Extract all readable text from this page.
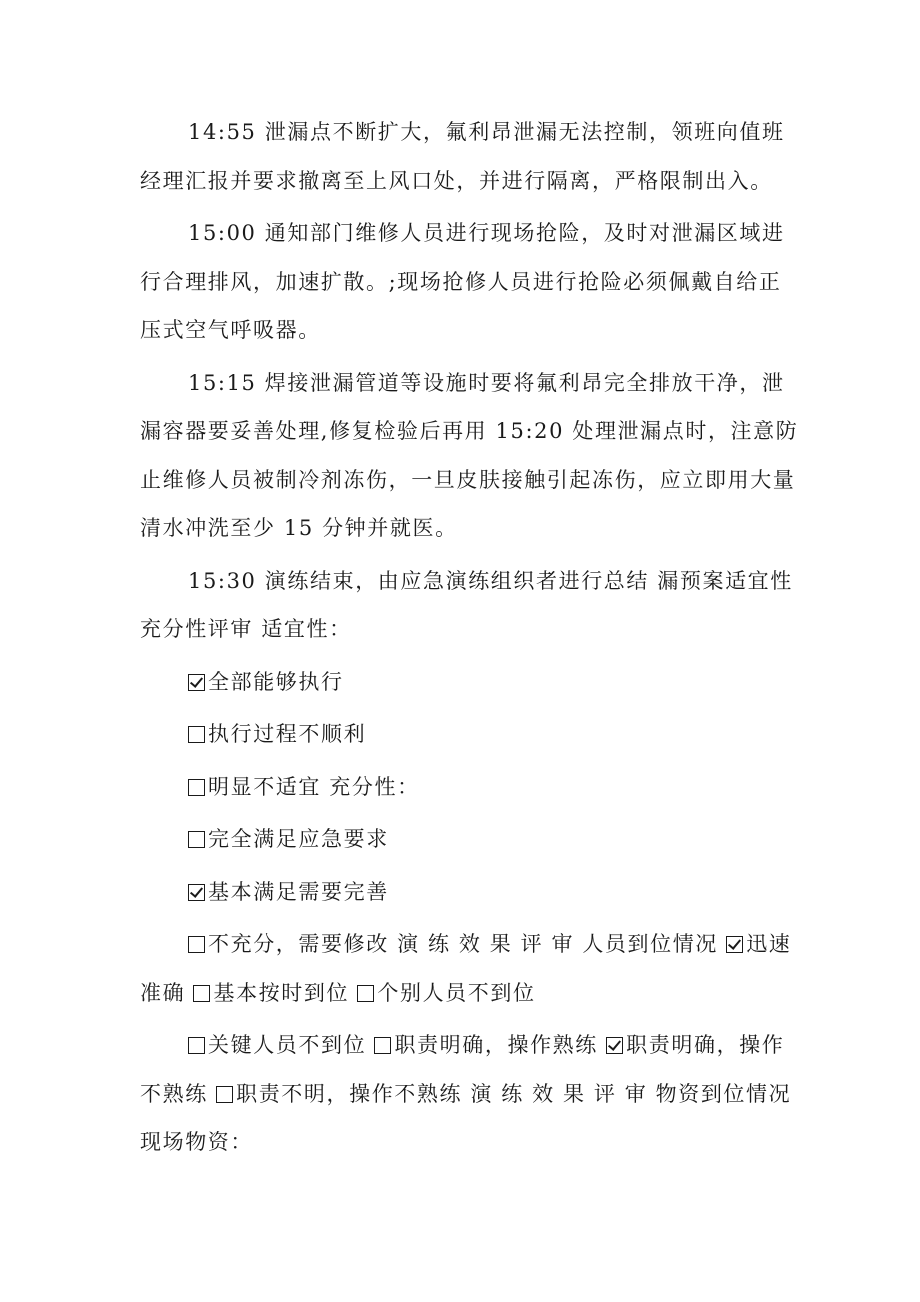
14:55 泄漏点不断扩大，氟利昂泄漏无法控制，领班向值班经理汇报并要求撤离至上风口处，并进行隔离，严格限制出入。

15:00 通知部门维修人员进行现场抢险，及时对泄漏区域进行合理排风，加速扩散。;现场抢修人员进行抢险必须佩戴自给正压式空气呼吸器。

15:15 焊接泄漏管道等设施时要将氟利昂完全排放干净，泄漏容器要妥善处理,修复检验后再用 15:20 处理泄漏点时，注意防止维修人员被制冷剂冻伤，一旦皮肤接触引起冻伤，应立即用大量清水冲洗至少 15 分钟并就医。

15:30 演练结束，由应急演练组织者进行总结 漏预案适宜性 充分性评审 适宜性：

全部能够执行
执行过程不顺利
明显不适宜 充分性：
完全满足应急要求
基本满足需要完善

不充分，需要修改 演 练 效 果 评 审 人员到位情况 迅速准确 基本按时到位 个别人员不到位

关键人员不到位 职责明确，操作熟练 职责明确，操作不熟练 职责不明，操作不熟练 演 练 效 果 评 审 物资到位情况 现场物资：
